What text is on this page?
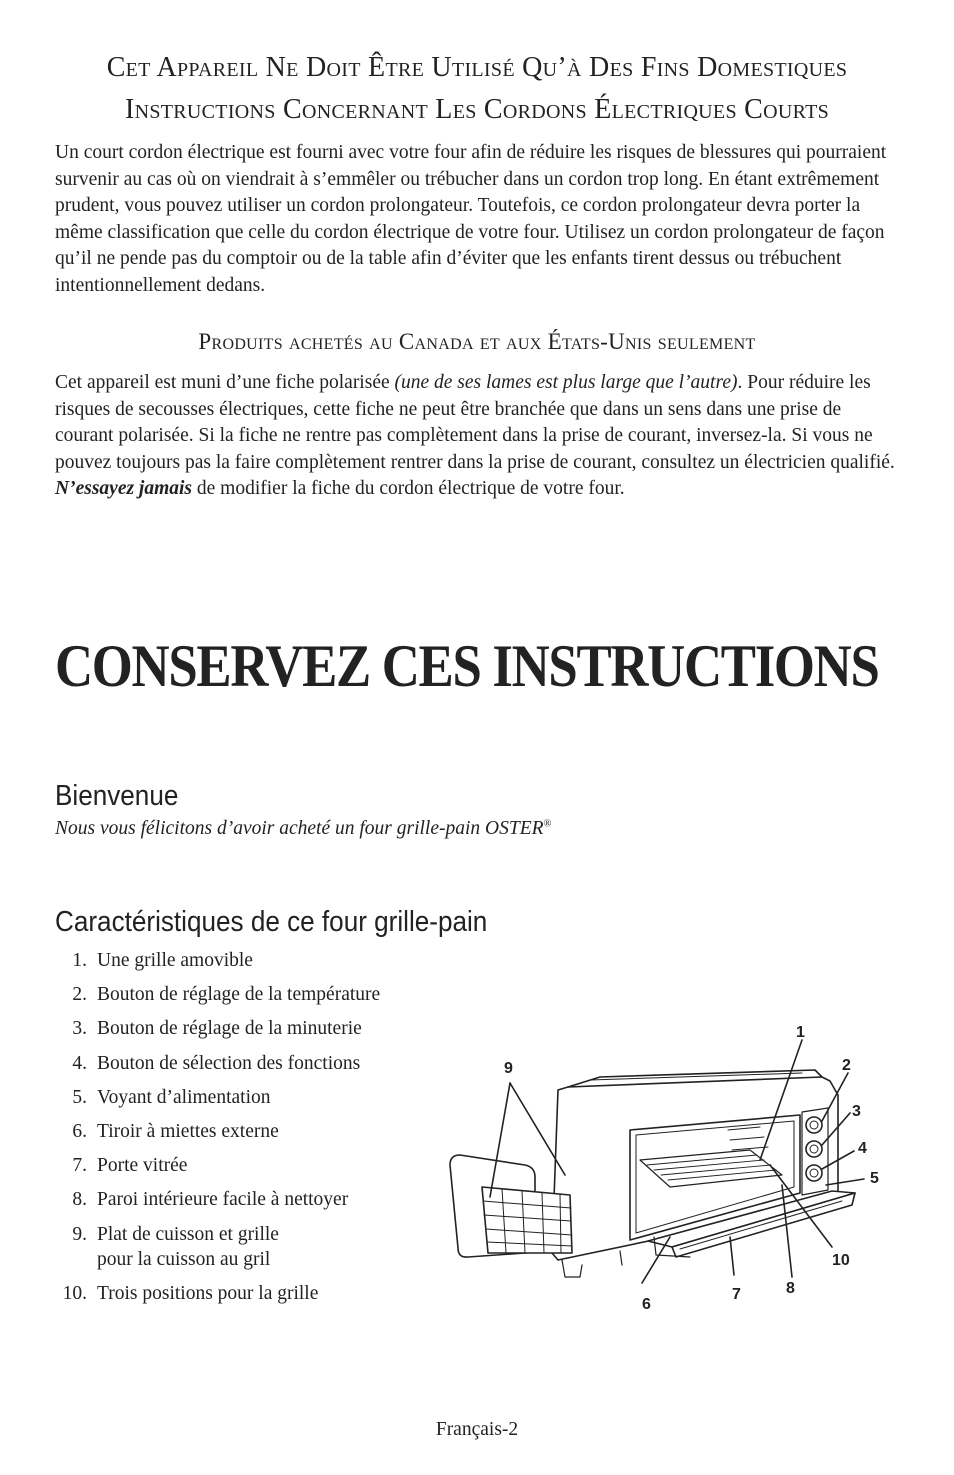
Cet Appareil Ne Doit Être Utilisé Qu’à Des Fins Domestiques
Instructions Concernant Les Cordons Électriques Courts

Un court cordon électrique est fourni avec votre four afin de réduire les risques de blessures qui pourraient survenir au cas où on viendrait à s’emmêler ou trébucher dans un cordon trop long. En étant extrêmement prudent, vous pouvez utiliser un cordon prolongateur. Toutefois, ce cordon prolongateur devra porter la même classification que celle du cordon électrique de votre four. Utilisez un cordon prolongateur de façon qu’il ne pende pas du comptoir ou de la table afin d’éviter que les enfants tirent dessus ou trébuchent intentionnellement dedans.

Produits achetés au Canada et aux États-Unis seulement

Cet appareil est muni d’une fiche polarisée (une de ses lames est plus large que l’autre). Pour réduire les risques de secousses électriques, cette fiche ne peut être branchée que dans un sens dans une prise de courant polarisée. Si la fiche ne rentre pas complètement dans la prise de courant, inversez-la. Si vous ne pouvez toujours pas la faire complètement rentrer dans la prise de courant, consultez un électricien qualifié. N’essayez jamais de modifier la fiche du cordon électrique de votre four.

CONSERVEZ CES INSTRUCTIONS
Bienvenue
Nous vous félicitons d’avoir acheté un four grille-pain OSTER®
Caractéristiques de ce four grille-pain
1. Une grille amovible
2. Bouton de réglage de la température
3. Bouton de réglage de la minuterie
4. Bouton de sélection des fonctions
5. Voyant d’alimentation
6. Tiroir à miettes externe
7. Porte vitrée
8. Paroi intérieure facile à nettoyer
9. Plat de cuisson et grille
pour la cuisson au gril
10. Trois positions pour la grille
1
2
3
4
5
6
7	8
9
10
Français-2
